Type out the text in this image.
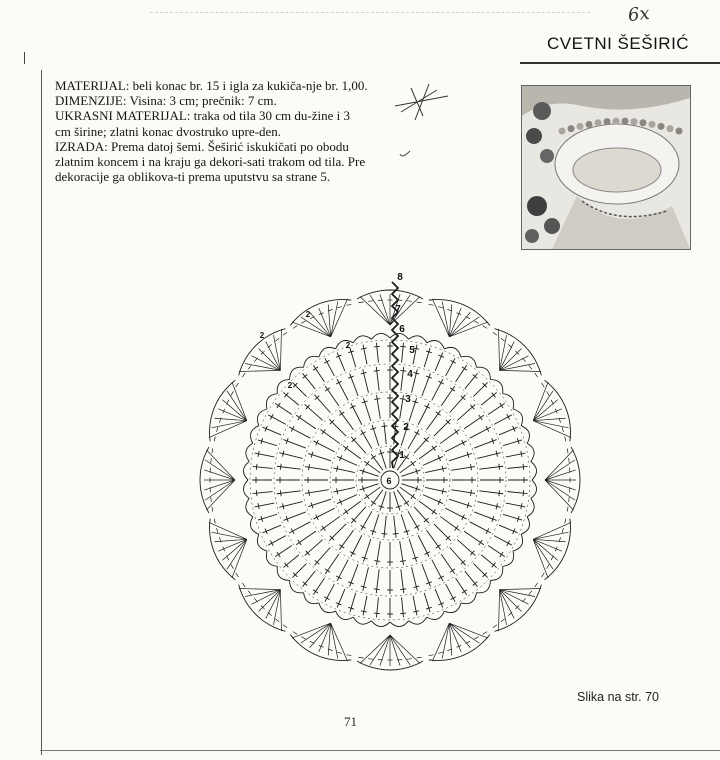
6x
CVETNI ŠEŠIRIĆ

MATERIJAL: beli konac br. 15 i igla za kukiča-nje br. 1,00.

DIMENZIJE: Visina: 3 cm; prečnik: 7 cm.

UKRASNI MATERIJAL: traka od tila 30 cm du-žine i 3 cm širine; zlatni konac dvostruko upre-den.

IZRADA: Prema datoj šemi. Šeširić iskukičati po obodu zlatnim koncem i na kraju ga dekori-sati trakom od tila. Pre dekoracije ga oblikova-ti prema uputstvu sa strane 5.

6
1
2
3
4
5
6
7
8
2
2
2
2
Slika na str. 70
71
